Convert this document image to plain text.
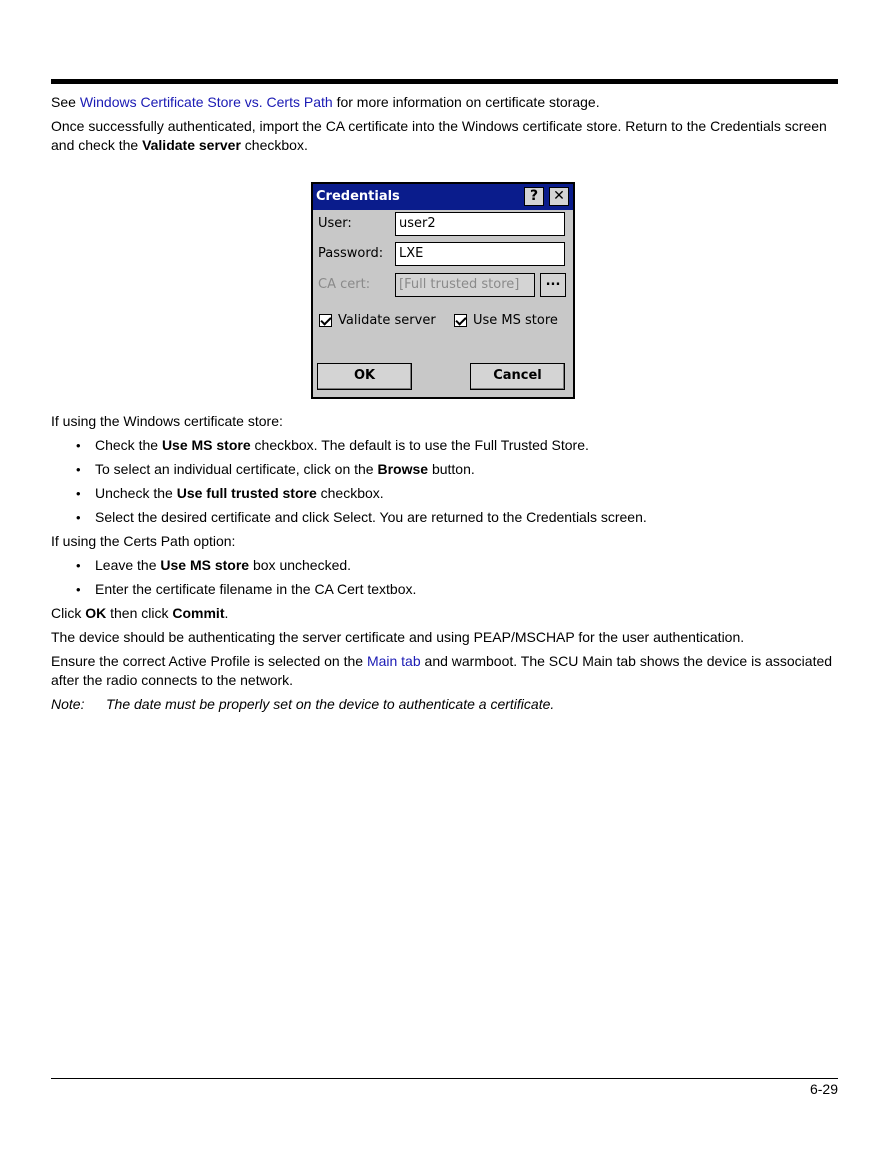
See Windows Certificate Store vs. Certs Path for more information on certificate storage.

Once successfully authenticated, import the CA certificate into the Windows certificate store. Return to the Credentials screen and check the Validate server checkbox.

Credentials	?	✕
User:	user2
Password:	LXE
CA cert:	[Full trusted store]	...
Validate server	Use MS store
OK	Cancel

If using the Windows certificate store:

• Check the Use MS store checkbox. The default is to use the Full Trusted Store.
• To select an individual certificate, click on the Browse button.
• Uncheck the Use full trusted store checkbox.
• Select the desired certificate and click Select. You are returned to the Credentials screen.

If using the Certs Path option:

• Leave the Use MS store box unchecked.
• Enter the certificate filename in the CA Cert textbox.

Click OK then click Commit.

The device should be authenticating the server certificate and using PEAP/MSCHAP for the user authentication.

Ensure the correct Active Profile is selected on the Main tab and warmboot. The SCU Main tab shows the device is associated after the radio connects to the network.

Note:	The date must be properly set on the device to authenticate a certificate.
6-29
